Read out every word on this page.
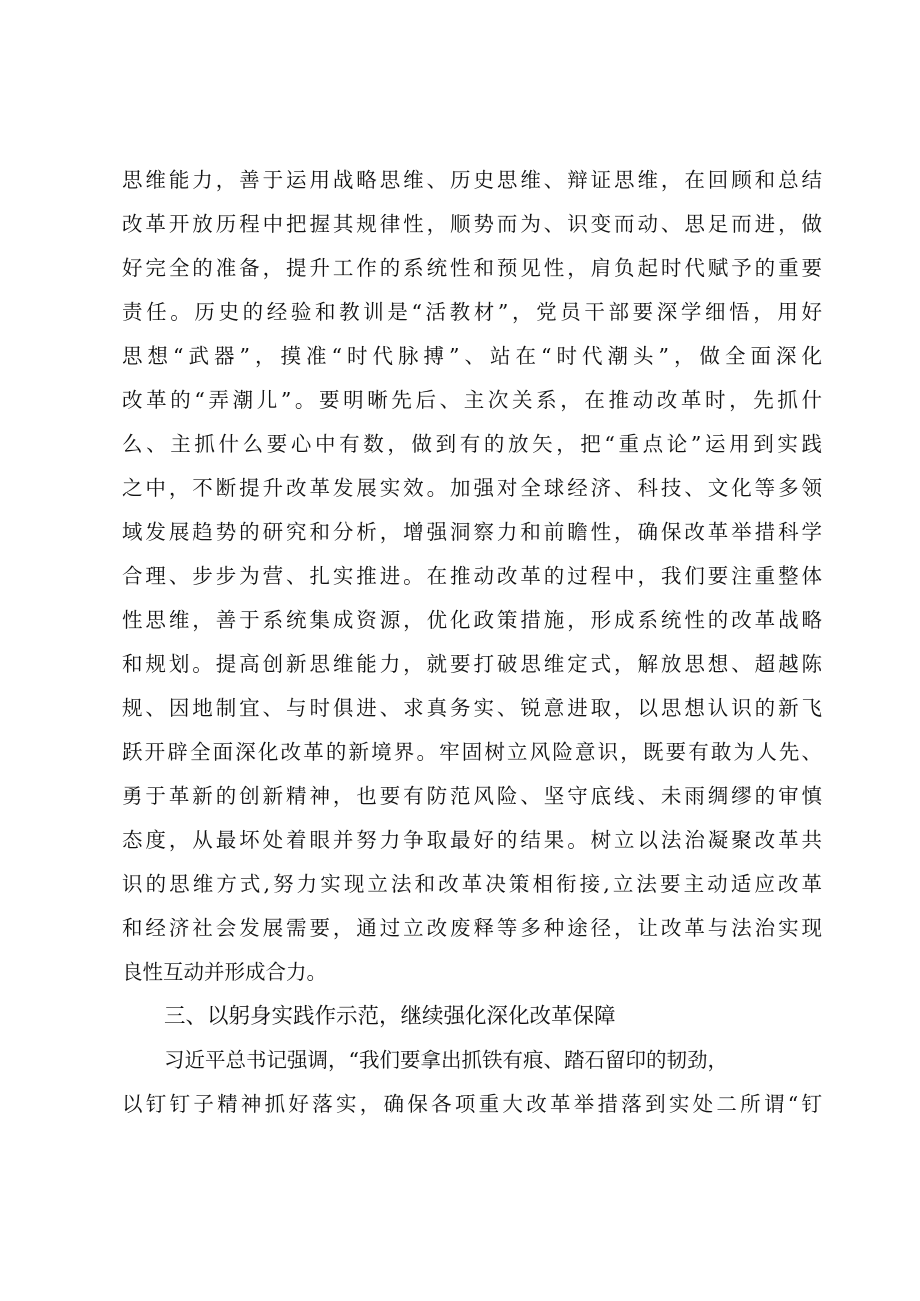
思维能力，善于运用战略思维、历史思维、辩证思维，在回顾和总结
改革开放历程中把握其规律性，顺势而为、识变而动、思足而进，做
好完全的准备，提升工作的系统性和预见性，肩负起时代赋予的重要
责任。历史的经验和教训是“活教材”，党员干部要深学细悟，用好
思想“武器”，摸准“时代脉搏”、站在“时代潮头”，做全面深化
改革的“弄潮儿”。要明晰先后、主次关系，在推动改革时，先抓什
么、主抓什么要心中有数，做到有的放矢，把“重点论”运用到实践
之中，不断提升改革发展实效。加强对全球经济、科技、文化等多领
域发展趋势的研究和分析，增强洞察力和前瞻性，确保改革举措科学
合理、步步为营、扎实推进。在推动改革的过程中，我们要注重整体
性思维，善于系统集成资源，优化政策措施，形成系统性的改革战略
和规划。提高创新思维能力，就要打破思维定式，解放思想、超越陈
规、因地制宜、与时俱进、求真务实、锐意进取，以思想认识的新飞
跃开辟全面深化改革的新境界。牢固树立风险意识，既要有敢为人先、
勇于革新的创新精神，也要有防范风险、坚守底线、未雨绸缪的审慎
态度，从最坏处着眼并努力争取最好的结果。树立以法治凝聚改革共
识的思维方式,努力实现立法和改革决策相衔接,立法要主动适应改革
和经济社会发展需要，通过立改废释等多种途径，让改革与法治实现
良性互动并形成合力。
三、以躬身实践作示范，继续强化深化改革保障
习近平总书记强调，“我们要拿出抓铁有痕、踏石留印的韧劲，
以钉钉子精神抓好落实，确保各项重大改革举措落到实处二所谓“钉
